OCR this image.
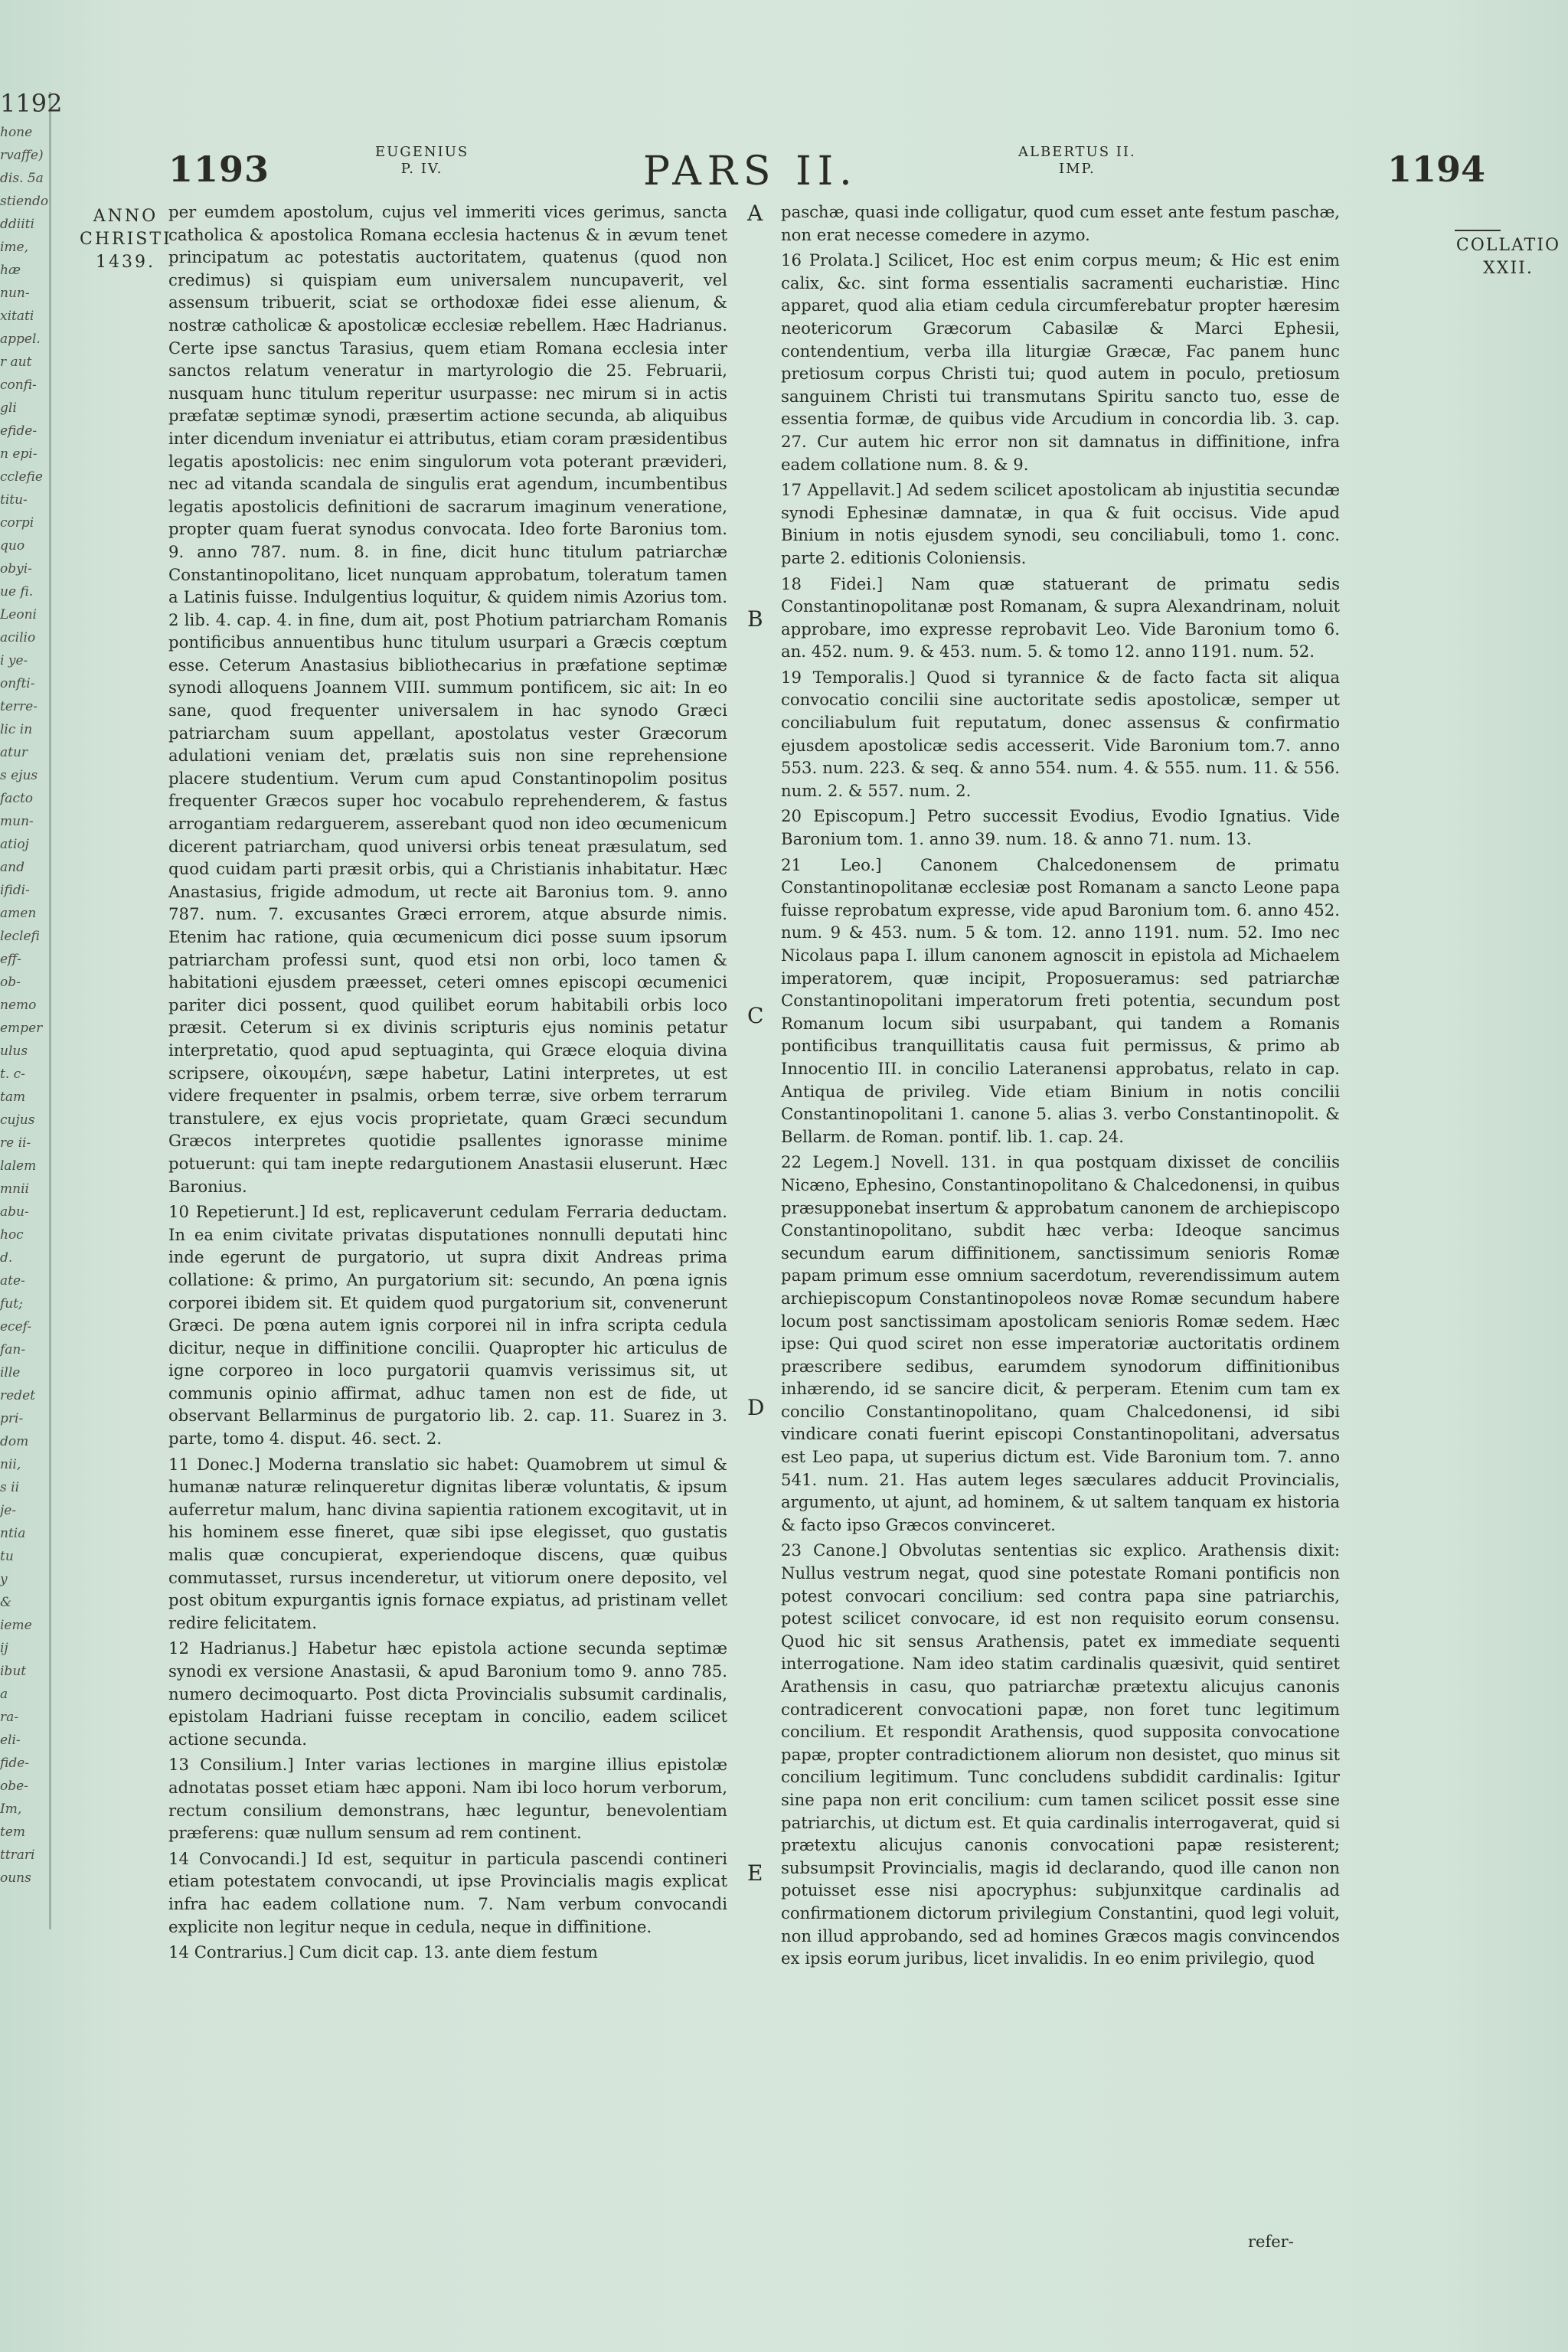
1192
hone
rvaffe)
dis. 5a
stiendo
ddiiti
ime,
hæ
nun-
xitati
appel.
r aut
confi-
gli
efide-
n epi-
cclefie
titu-
corpi
quo
obyi-
ue fi.
Leoni
acilio
i ye-
onfti-
terre-
lic in
atur
s ejus
facto
mun-
atioj
and
ifidi-
amen
leclefi
eff-
ob-
nemo
emper
ulus
t. c-
tam
cujus
re ii-
lalem
mnii
abu-
hoc
d.
ate-
fut;
ecef-
fan-
ille
redet
pri-
dom
nii,
s ii
je-
ntia
tu
y
&
ieme
ij
ibut
a
ra-
eli-
fide-
obe-
Im,
tem
ttrari
ouns
1193	EUGENIUS
P. IV.	PARS II.	ALBERTUS II.
IMP.	1194
ANNO
CHRISTI
1439.
COLLATIO
XXII.

per eumdem apostolum, cujus vel immeriti vices gerimus, sancta catholica & apostolica Romana ecclesia hactenus & in ævum tenet principatum ac potestatis auctoritatem, quatenus (quod non credimus) si quispiam eum universalem nuncupaverit, vel assensum tribuerit, sciat se orthodoxæ fidei esse alienum, & nostræ catholicæ & apostolicæ ecclesiæ rebellem. Hæc Hadrianus. Certe ipse sanctus Tarasius, quem etiam Romana ecclesia inter sanctos relatum veneratur in martyrologio die 25. Februarii, nusquam hunc titulum reperitur usurpasse: nec mirum si in actis præfatæ septimæ synodi, præsertim actione secunda, ab aliquibus inter dicendum inveniatur ei attributus, etiam coram præsidentibus legatis apostolicis: nec enim singulorum vota poterant prævideri, nec ad vitanda scandala de singulis erat agendum, incumbentibus legatis apostolicis definitioni de sacrarum imaginum veneratione, propter quam fuerat synodus convocata. Ideo forte Baronius tom. 9. anno 787. num. 8. in fine, dicit hunc titulum patriarchæ Constantinopolitano, licet nunquam approbatum, toleratum tamen a Latinis fuisse. Indulgentius loquitur, & quidem nimis Azorius tom. 2 lib. 4. cap. 4. in fine, dum ait, post Photium patriarcham Romanis pontificibus annuentibus hunc titulum usurpari a Græcis cœptum esse. Ceterum Anastasius bibliothecarius in præfatione septimæ synodi alloquens Joannem VIII. summum pontificem, sic ait: In eo sane, quod frequenter universalem in hac synodo Græci patriarcham suum appellant, apostolatus vester Græcorum adulationi veniam det, prælatis suis non sine reprehensione placere studentium. Verum cum apud Constantinopolim positus frequenter Græcos super hoc vocabulo reprehenderem, & fastus arrogantiam redarguerem, asserebant quod non ideo œcumenicum dicerent patriarcham, quod universi orbis teneat præsulatum, sed quod cuidam parti præsit orbis, qui a Christianis inhabitatur. Hæc Anastasius, frigide admodum, ut recte ait Baronius tom. 9. anno 787. num. 7. excusantes Græci errorem, atque absurde nimis. Etenim hac ratione, quia œcumenicum dici posse suum ipsorum patriarcham professi sunt, quod etsi non orbi, loco tamen & habitationi ejusdem præesset, ceteri omnes episcopi œcumenici pariter dici possent, quod quilibet eorum habitabili orbis loco præsit. Ceterum si ex divinis scripturis ejus nominis petatur interpretatio, quod apud septuaginta, qui Græce eloquia divina scripsere, οἰκουμένη, sæpe habetur, Latini interpretes, ut est videre frequenter in psalmis, orbem terræ, sive orbem terrarum transtulere, ex ejus vocis proprietate, quam Græci secundum Græcos interpretes quotidie psallentes ignorasse minime potuerunt: qui tam inepte redargutionem Anastasii eluserunt. Hæc Baronius.

10 Repetierunt.] Id est, replicaverunt cedulam Ferraria deductam. In ea enim civitate privatas disputationes nonnulli deputati hinc inde egerunt de purgatorio, ut supra dixit Andreas prima collatione: & primo, An purgatorium sit: secundo, An pœna ignis corporei ibidem sit. Et quidem quod purgatorium sit, convenerunt Græci. De pœna autem ignis corporei nil in infra scripta cedula dicitur, neque in diffinitione concilii. Quapropter hic articulus de igne corporeo in loco purgatorii quamvis verissimus sit, ut communis opinio affirmat, adhuc tamen non est de fide, ut observant Bellarminus de purgatorio lib. 2. cap. 11. Suarez in 3. parte, tomo 4. disput. 46. sect. 2.

11 Donec.] Moderna translatio sic habet: Quamobrem ut simul & humanæ naturæ relinqueretur dignitas liberæ voluntatis, & ipsum auferretur malum, hanc divina sapientia rationem excogitavit, ut in his hominem esse fineret, quæ sibi ipse elegisset, quo gustatis malis quæ concupierat, experiendoque discens, quæ quibus commutasset, rursus incenderetur, ut vitiorum onere deposito, vel post obitum expurgantis ignis fornace expiatus, ad pristinam vellet redire felicitatem.

12 Hadrianus.] Habetur hæc epistola actione secunda septimæ synodi ex versione Anastasii, & apud Baronium tomo 9. anno 785. numero decimoquarto. Post dicta Provincialis subsumit cardinalis, epistolam Hadriani fuisse receptam in concilio, eadem scilicet actione secunda.

13 Consilium.] Inter varias lectiones in margine illius epistolæ adnotatas posset etiam hæc apponi. Nam ibi loco horum verborum, rectum consilium demonstrans, hæc leguntur, benevolentiam præferens: quæ nullum sensum ad rem continent.

14 Convocandi.] Id est, sequitur in particula pascendi contineri etiam potestatem convocandi, ut ipse Provincialis magis explicat infra hac eadem collatione num. 7. Nam verbum convocandi explicite non legitur neque in cedula, neque in diffinitione.

14 Contrarius.] Cum dicit cap. 13. ante diem festum

A
B
C
D
E

paschæ, quasi inde colligatur, quod cum esset ante festum paschæ, non erat necesse comedere in azymo.

16 Prolata.] Scilicet, Hoc est enim corpus meum; & Hic est enim calix, &c. sint forma essentialis sacramenti eucharistiæ. Hinc apparet, quod alia etiam cedula circumferebatur propter hæresim neotericorum Græcorum Cabasilæ & Marci Ephesii, contendentium, verba illa liturgiæ Græcæ, Fac panem hunc pretiosum corpus Christi tui; quod autem in poculo, pretiosum sanguinem Christi tui transmutans Spiritu sancto tuo, esse de essentia formæ, de quibus vide Arcudium in concordia lib. 3. cap. 27. Cur autem hic error non sit damnatus in diffinitione, infra eadem collatione num. 8. & 9.

17 Appellavit.] Ad sedem scilicet apostolicam ab injustitia secundæ synodi Ephesinæ damnatæ, in qua & fuit occisus. Vide apud Binium in notis ejusdem synodi, seu conciliabuli, tomo 1. conc. parte 2. editionis Coloniensis.

18 Fidei.] Nam quæ statuerant de primatu sedis Constantinopolitanæ post Romanam, & supra Alexandrinam, noluit approbare, imo expresse reprobavit Leo. Vide Baronium tomo 6. an. 452. num. 9. & 453. num. 5. & tomo 12. anno 1191. num. 52.

19 Temporalis.] Quod si tyrannice & de facto facta sit aliqua convocatio concilii sine auctoritate sedis apostolicæ, semper ut conciliabulum fuit reputatum, donec assensus & confirmatio ejusdem apostolicæ sedis accesserit. Vide Baronium tom.7. anno 553. num. 223. & seq. & anno 554. num. 4. & 555. num. 11. & 556. num. 2. & 557. num. 2.

20 Episcopum.] Petro successit Evodius, Evodio Ignatius. Vide Baronium tom. 1. anno 39. num. 18. & anno 71. num. 13.

21 Leo.] Canonem Chalcedonensem de primatu Constantinopolitanæ ecclesiæ post Romanam a sancto Leone papa fuisse reprobatum expresse, vide apud Baronium tom. 6. anno 452. num. 9 & 453. num. 5 & tom. 12. anno 1191. num. 52. Imo nec Nicolaus papa I. illum canonem agnoscit in epistola ad Michaelem imperatorem, quæ incipit, Proposueramus: sed patriarchæ Constantinopolitani imperatorum freti potentia, secundum post Romanum locum sibi usurpabant, qui tandem a Romanis pontificibus tranquillitatis causa fuit permissus, & primo ab Innocentio III. in concilio Lateranensi approbatus, relato in cap. Antiqua de privileg. Vide etiam Binium in notis concilii Constantinopolitani 1. canone 5. alias 3. verbo Constantinopolit. & Bellarm. de Roman. pontif. lib. 1. cap. 24.

22 Legem.] Novell. 131. in qua postquam dixisset de conciliis Nicæno, Ephesino, Constantinopolitano & Chalcedonensi, in quibus præsupponebat insertum & approbatum canonem de archiepiscopo Constantinopolitano, subdit hæc verba: Ideoque sancimus secundum earum diffinitionem, sanctissimum senioris Romæ papam primum esse omnium sacerdotum, reverendissimum autem archiepiscopum Constantinopoleos novæ Romæ secundum habere locum post sanctissimam apostolicam senioris Romæ sedem. Hæc ipse: Qui quod sciret non esse imperatoriæ auctoritatis ordinem præscribere sedibus, earumdem synodorum diffinitionibus inhærendo, id se sancire dicit, & perperam. Etenim cum tam ex concilio Constantinopolitano, quam Chalcedonensi, id sibi vindicare conati fuerint episcopi Constantinopolitani, adversatus est Leo papa, ut superius dictum est. Vide Baronium tom. 7. anno 541. num. 21. Has autem leges sæculares adducit Provincialis, argumento, ut ajunt, ad hominem, & ut saltem tanquam ex historia & facto ipso Græcos convinceret.

23 Canone.] Obvolutas sententias sic explico. Arathensis dixit: Nullus vestrum negat, quod sine potestate Romani pontificis non potest convocari concilium: sed contra papa sine patriarchis, potest scilicet convocare, id est non requisito eorum consensu. Quod hic sit sensus Arathensis, patet ex immediate sequenti interrogatione. Nam ideo statim cardinalis quæsivit, quid sentiret Arathensis in casu, quo patriarchæ prætextu alicujus canonis contradicerent convocationi papæ, non foret tunc legitimum concilium. Et respondit Arathensis, quod supposita convocatione papæ, propter contradictionem aliorum non desistet, quo minus sit concilium legitimum. Tunc concludens subdidit cardinalis: Igitur sine papa non erit concilium: cum tamen scilicet possit esse sine patriarchis, ut dictum est. Et quia cardinalis interrogaverat, quid si prætextu alicujus canonis convocationi papæ resisterent; subsumpsit Provincialis, magis id declarando, quod ille canon non potuisset esse nisi apocryphus: subjunxitque cardinalis ad confirmationem dictorum privilegium Constantini, quod legi voluit, non illud approbando, sed ad homines Græcos magis convincendos ex ipsis eorum juribus, licet invalidis. In eo enim privilegio, quod

refer-
